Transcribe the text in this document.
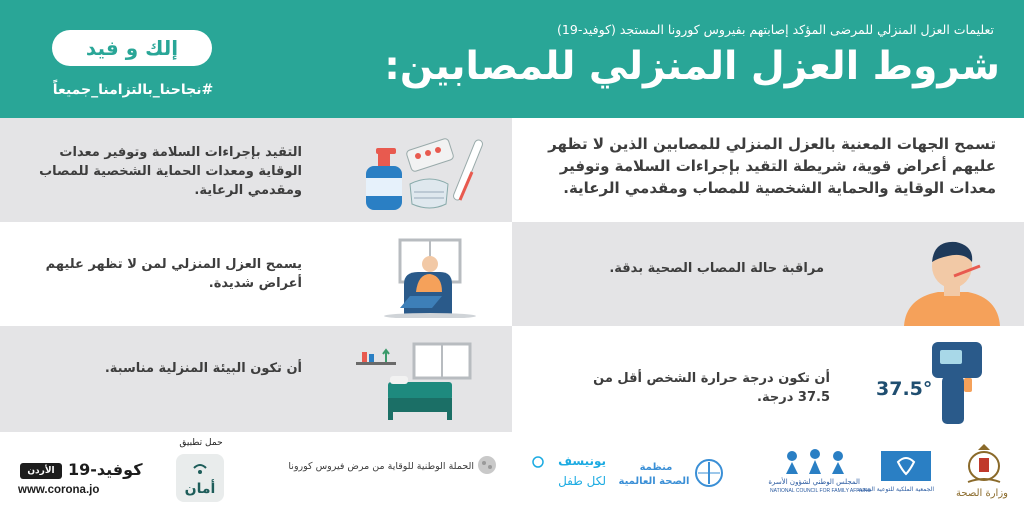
تعليمات العزل المنزلي للمرضى المؤكد إصابتهم بفيروس كورونا المستجد (كوفيد-19)
شروط العزل المنزلي للمصابين:
إلك و فيد
#نجاحنا_بالتزامنا_جميعاً
تسمح الجهات المعنية بالعزل المنزلي للمصابين الذين لا تظهر عليهم أعراض قوية، شريطة التقيد بإجراءات السلامة وتوفير معدات الوقاية والحماية الشخصية للمصاب ومقدمي الرعاية.
التقيد بإجراءات السلامة وتوفير معدات الوقاية ومعدات الحماية الشخصية للمصاب ومقدمي الرعاية.
مراقبة حالة المصاب الصحية بدقة.
يسمح العزل المنزلي لمن لا تظهر عليهم أعراض شديدة.
أن تكون درجة حرارة الشخص أقل من 37.5 درجة. 37.5°
أن تكون البيئة المنزلية مناسبة.
الأردن كوفيد-19
www.corona.jo
حمل تطبيق
أمان
الحملة الوطنية للوقاية من مرض فيروس كورونا	يونيسف
لكل طفل
منظمة
الصحة العالمية	المجلس الوطني لشؤون الأسرة
NATIONAL COUNCIL FOR FAMILY AFFAIRS
الجمعية الملكية للتوعية الصحية وزارة الصحة
